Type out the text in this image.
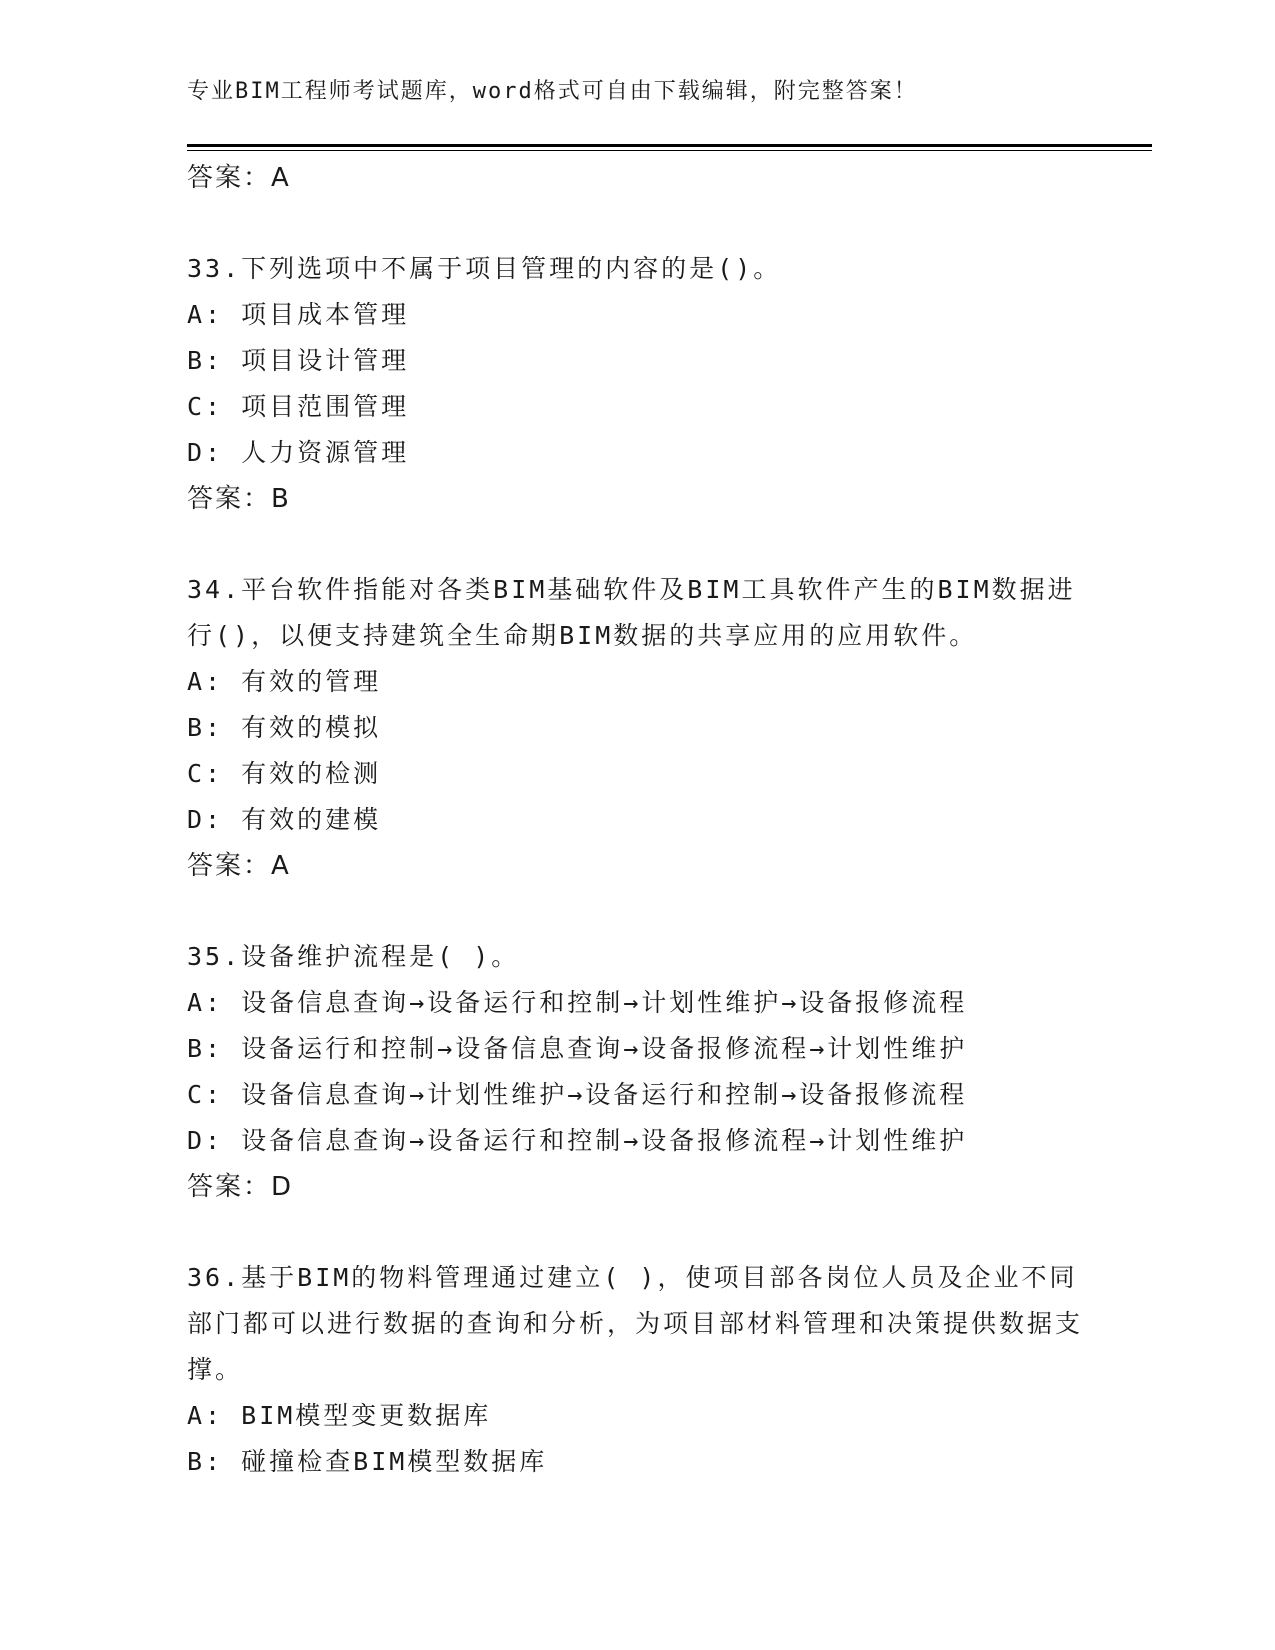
专业BIM工程师考试题库，word格式可自由下载编辑，附完整答案！
答案：A
33.下列选项中不属于项目管理的内容的是()。
A: 项目成本管理
B: 项目设计管理
C: 项目范围管理
D: 人力资源管理
答案：B
34.平台软件指能对各类BIM基础软件及BIM工具软件产生的BIM数据进行()，以便支持建筑全生命期BIM数据的共享应用的应用软件。
A: 有效的管理
B: 有效的模拟
C: 有效的检测
D: 有效的建模
答案：A
35.设备维护流程是( )。
A: 设备信息查询→设备运行和控制→计划性维护→设备报修流程
B: 设备运行和控制→设备信息查询→设备报修流程→计划性维护
C: 设备信息查询→计划性维护→设备运行和控制→设备报修流程
D: 设备信息查询→设备运行和控制→设备报修流程→计划性维护
答案：D
36.基于BIM的物料管理通过建立( )，使项目部各岗位人员及企业不同部门都可以进行数据的查询和分析，为项目部材料管理和决策提供数据支撑。
A: BIM模型变更数据库
B: 碰撞检查BIM模型数据库
